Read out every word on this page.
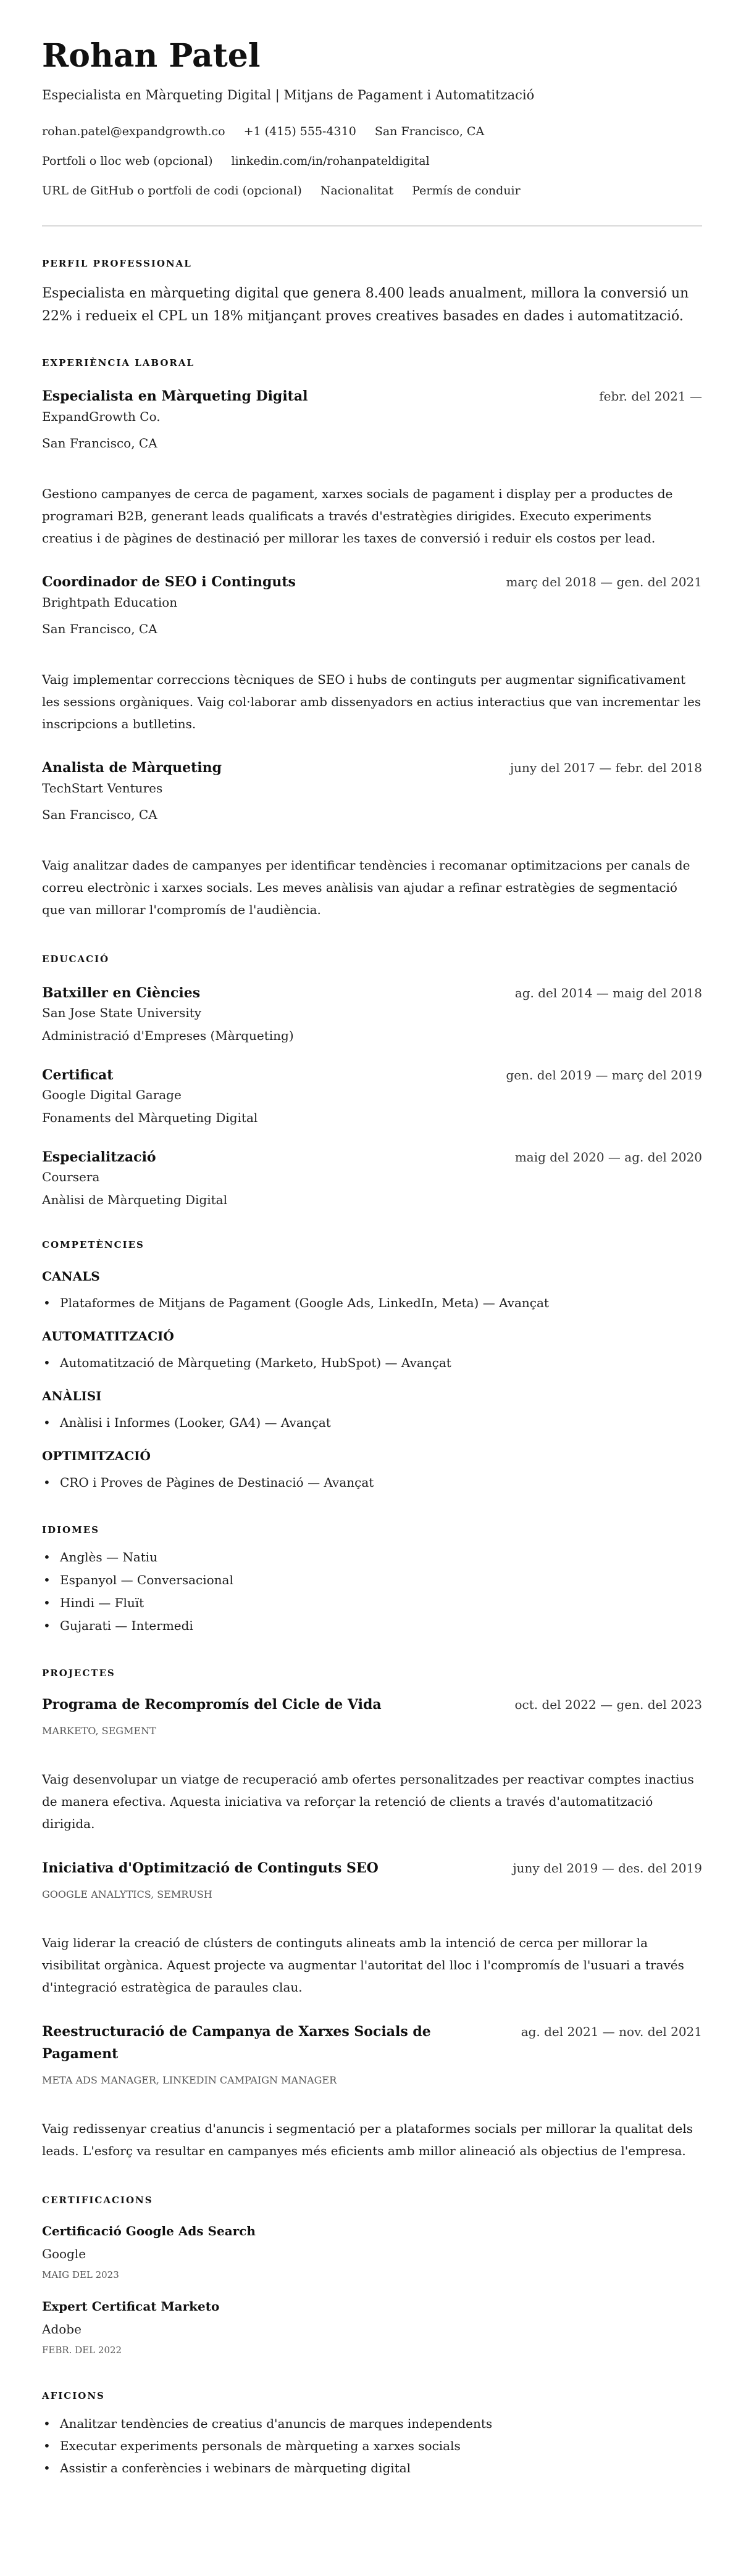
Rohan Patel
Especialista en Màrqueting Digital | Mitjans de Pagament i Automatització
rohan.patel@expandgrowth.co +1 (415) 555-4310 San Francisco, CA
Portfoli o lloc web (opcional) linkedin.com/in/rohanpateldigital
URL de GitHub o portfoli de codi (opcional) Nacionalitat Permís de conduir
PERFIL PROFESSIONAL

Especialista en màrqueting digital que genera 8.400 leads anualment, millora la conversió un 22% i redueix el CPL un 18% mitjançant proves creatives basades en dades i automatització.

EXPERIÈNCIA LABORAL
Especialista en Màrqueting Digital	febr. del 2021 —
ExpandGrowth Co.
San Francisco, CA
Gestiono campanyes de cerca de pagament, xarxes socials de pagament i display per a productes de programari B2B, generant leads qualificats a través d'estratègies dirigides. Executo experiments creatius i de pàgines de destinació per millorar les taxes de conversió i reduir els costos per lead.
Coordinador de SEO i Continguts	març del 2018 — gen. del 2021
Brightpath Education
San Francisco, CA
Vaig implementar correccions tècniques de SEO i hubs de continguts per augmentar significativament les sessions orgàniques. Vaig col·laborar amb dissenyadors en actius interactius que van incrementar les inscripcions a butlletins.
Analista de Màrqueting	juny del 2017 — febr. del 2018
TechStart Ventures
San Francisco, CA
Vaig analitzar dades de campanyes per identificar tendències i recomanar optimitzacions per canals de correu electrònic i xarxes socials. Les meves anàlisis van ajudar a refinar estratègies de segmentació que van millorar l'compromís de l'audiència.
EDUCACIÓ
Batxiller en Ciències	ag. del 2014 — maig del 2018
San Jose State University
Administració d'Empreses (Màrqueting)
Certificat	gen. del 2019 — març del 2019
Google Digital Garage
Fonaments del Màrqueting Digital
Especialització	maig del 2020 — ag. del 2020
Coursera
Anàlisi de Màrqueting Digital
COMPETÈNCIES
CANALS
• Plataformes de Mitjans de Pagament (Google Ads, LinkedIn, Meta) — Avançat
AUTOMATITZACIÓ
• Automatització de Màrqueting (Marketo, HubSpot) — Avançat
ANÀLISI
• Anàlisi i Informes (Looker, GA4) — Avançat
OPTIMITZACIÓ
• CRO i Proves de Pàgines de Destinació — Avançat
IDIOMES
• Anglès — Natiu
• Espanyol — Conversacional
• Hindi — Fluït
• Gujarati — Intermedi
PROJECTES
Programa de Recompromís del Cicle de Vida	oct. del 2022 — gen. del 2023
MARKETO, SEGMENT
Vaig desenvolupar un viatge de recuperació amb ofertes personalitzades per reactivar comptes inactius de manera efectiva. Aquesta iniciativa va reforçar la retenció de clients a través d'automatització dirigida.
Iniciativa d'Optimització de Continguts SEO	juny del 2019 — des. del 2019
GOOGLE ANALYTICS, SEMRUSH
Vaig liderar la creació de clústers de continguts alineats amb la intenció de cerca per millorar la visibilitat orgànica. Aquest projecte va augmentar l'autoritat del lloc i l'compromís de l'usuari a través d'integració estratègica de paraules clau.
Reestructuració de Campanya de Xarxes Socials de Pagament
ag. del 2021 — nov. del 2021
META ADS MANAGER, LINKEDIN CAMPAIGN MANAGER
Vaig redissenyar creatius d'anuncis i segmentació per a plataformes socials per millorar la qualitat dels leads. L'esforç va resultar en campanyes més eficients amb millor alineació als objectius de l'empresa.
CERTIFICACIONS
Certificació Google Ads Search
Google
MAIG DEL 2023
Expert Certificat Marketo
Adobe
FEBR. DEL 2022
AFICIONS
• Analitzar tendències de creatius d'anuncis de marques independents
• Executar experiments personals de màrqueting a xarxes socials
• Assistir a conferències i webinars de màrqueting digital
